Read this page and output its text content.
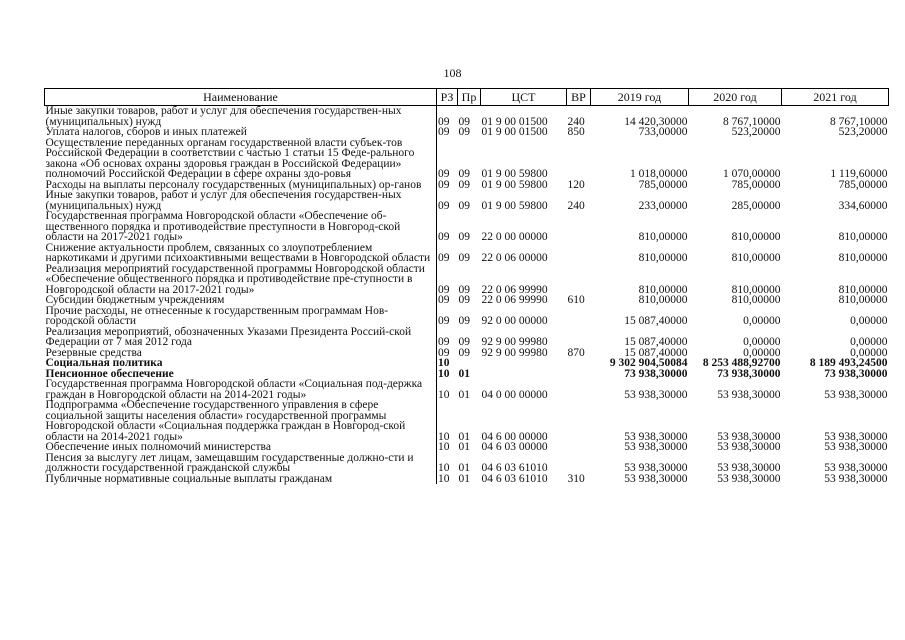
108
Наименование	РЗ	Пр	ЦСТ	ВР	2019 год	2020 год	2021 год
Иные закупки товаров, работ и услуг для обеспечения государствен-ных (муниципальных) нужд	09	09	01 9 00 01500	240	14 420,30000	8 767,10000	8 767,10000
Уплата налогов, сборов и иных платежей	09	09	01 9 00 01500	850	733,00000	523,20000	523,20000
Осуществление переданных органам государственной власти субъек-тов Российской Федерации в соответствии с частью 1 статьи 15 Феде-рального закона «Об основах охраны здоровья граждан в Российской Федерации» полномочий Российской Федерации в сфере охраны здо-ровья	09	09	01 9 00 59800		1 018,00000	1 070,00000	1 119,60000
Расходы на выплаты персоналу государственных (муниципальных) ор-ганов	09	09	01 9 00 59800	120	785,00000	785,00000	785,00000
Иные закупки товаров, работ и услуг для обеспечения государствен-ных (муниципальных) нужд	09	09	01 9 00 59800	240	233,00000	285,00000	334,60000
Государственная программа Новгородской области «Обеспечение об-щественного порядка и противодействие преступности в Новгород-ской области на 2017-2021 годы»	09	09	22 0 00 00000		810,00000	810,00000	810,00000
Снижение актуальности проблем, связанных со злоупотреблением наркотиками и другими психоактивными веществами в Новгородской области	09	09	22 0 06 00000		810,00000	810,00000	810,00000
Реализация мероприятий государственной программы Новгородской области «Обеспечение общественного порядка и противодействие пре-ступности в Новгородской области на 2017-2021 годы»	09	09	22 0 06 99990		810,00000	810,00000	810,00000
Субсидии бюджетным учреждениям	09	09	22 0 06 99990	610	810,00000	810,00000	810,00000
Прочие расходы, не отнесенные к государственным программам Нов-городской области	09	09	92 0 00 00000		15 087,40000	0,00000	0,00000
Реализация мероприятий, обозначенных Указами Президента Россий-ской Федерации от 7 мая 2012 года	09	09	92 9 00 99980		15 087,40000	0,00000	0,00000
Резервные средства	09	09	92 9 00 99980	870	15 087,40000	0,00000	0,00000
Социальная политика	10				9 302 904,50084	8 253 488,92700	8 189 493,24500
Пенсионное обеспечение	10	01			73 938,30000	73 938,30000	73 938,30000
Государственная программа Новгородской области «Социальная под-держка граждан в Новгородской области на 2014-2021 годы»	10	01	04 0 00 00000		53 938,30000	53 938,30000	53 938,30000
Подпрограмма «Обеспечение государственного управления в сфере социальной защиты населения области» государственной программы Новгородской области «Социальная поддержка граждан в Новгород-ской области на 2014-2021 годы»	10	01	04 6 00 00000		53 938,30000	53 938,30000	53 938,30000
Обеспечение иных полномочий министерства	10	01	04 6 03 00000		53 938,30000	53 938,30000	53 938,30000
Пенсия за выслугу лет лицам, замещавшим государственные должно-сти и должности государственной гражданской службы	10	01	04 6 03 61010		53 938,30000	53 938,30000	53 938,30000
Публичные нормативные социальные выплаты гражданам	10	01	04 6 03 61010	310	53 938,30000	53 938,30000	53 938,30000
